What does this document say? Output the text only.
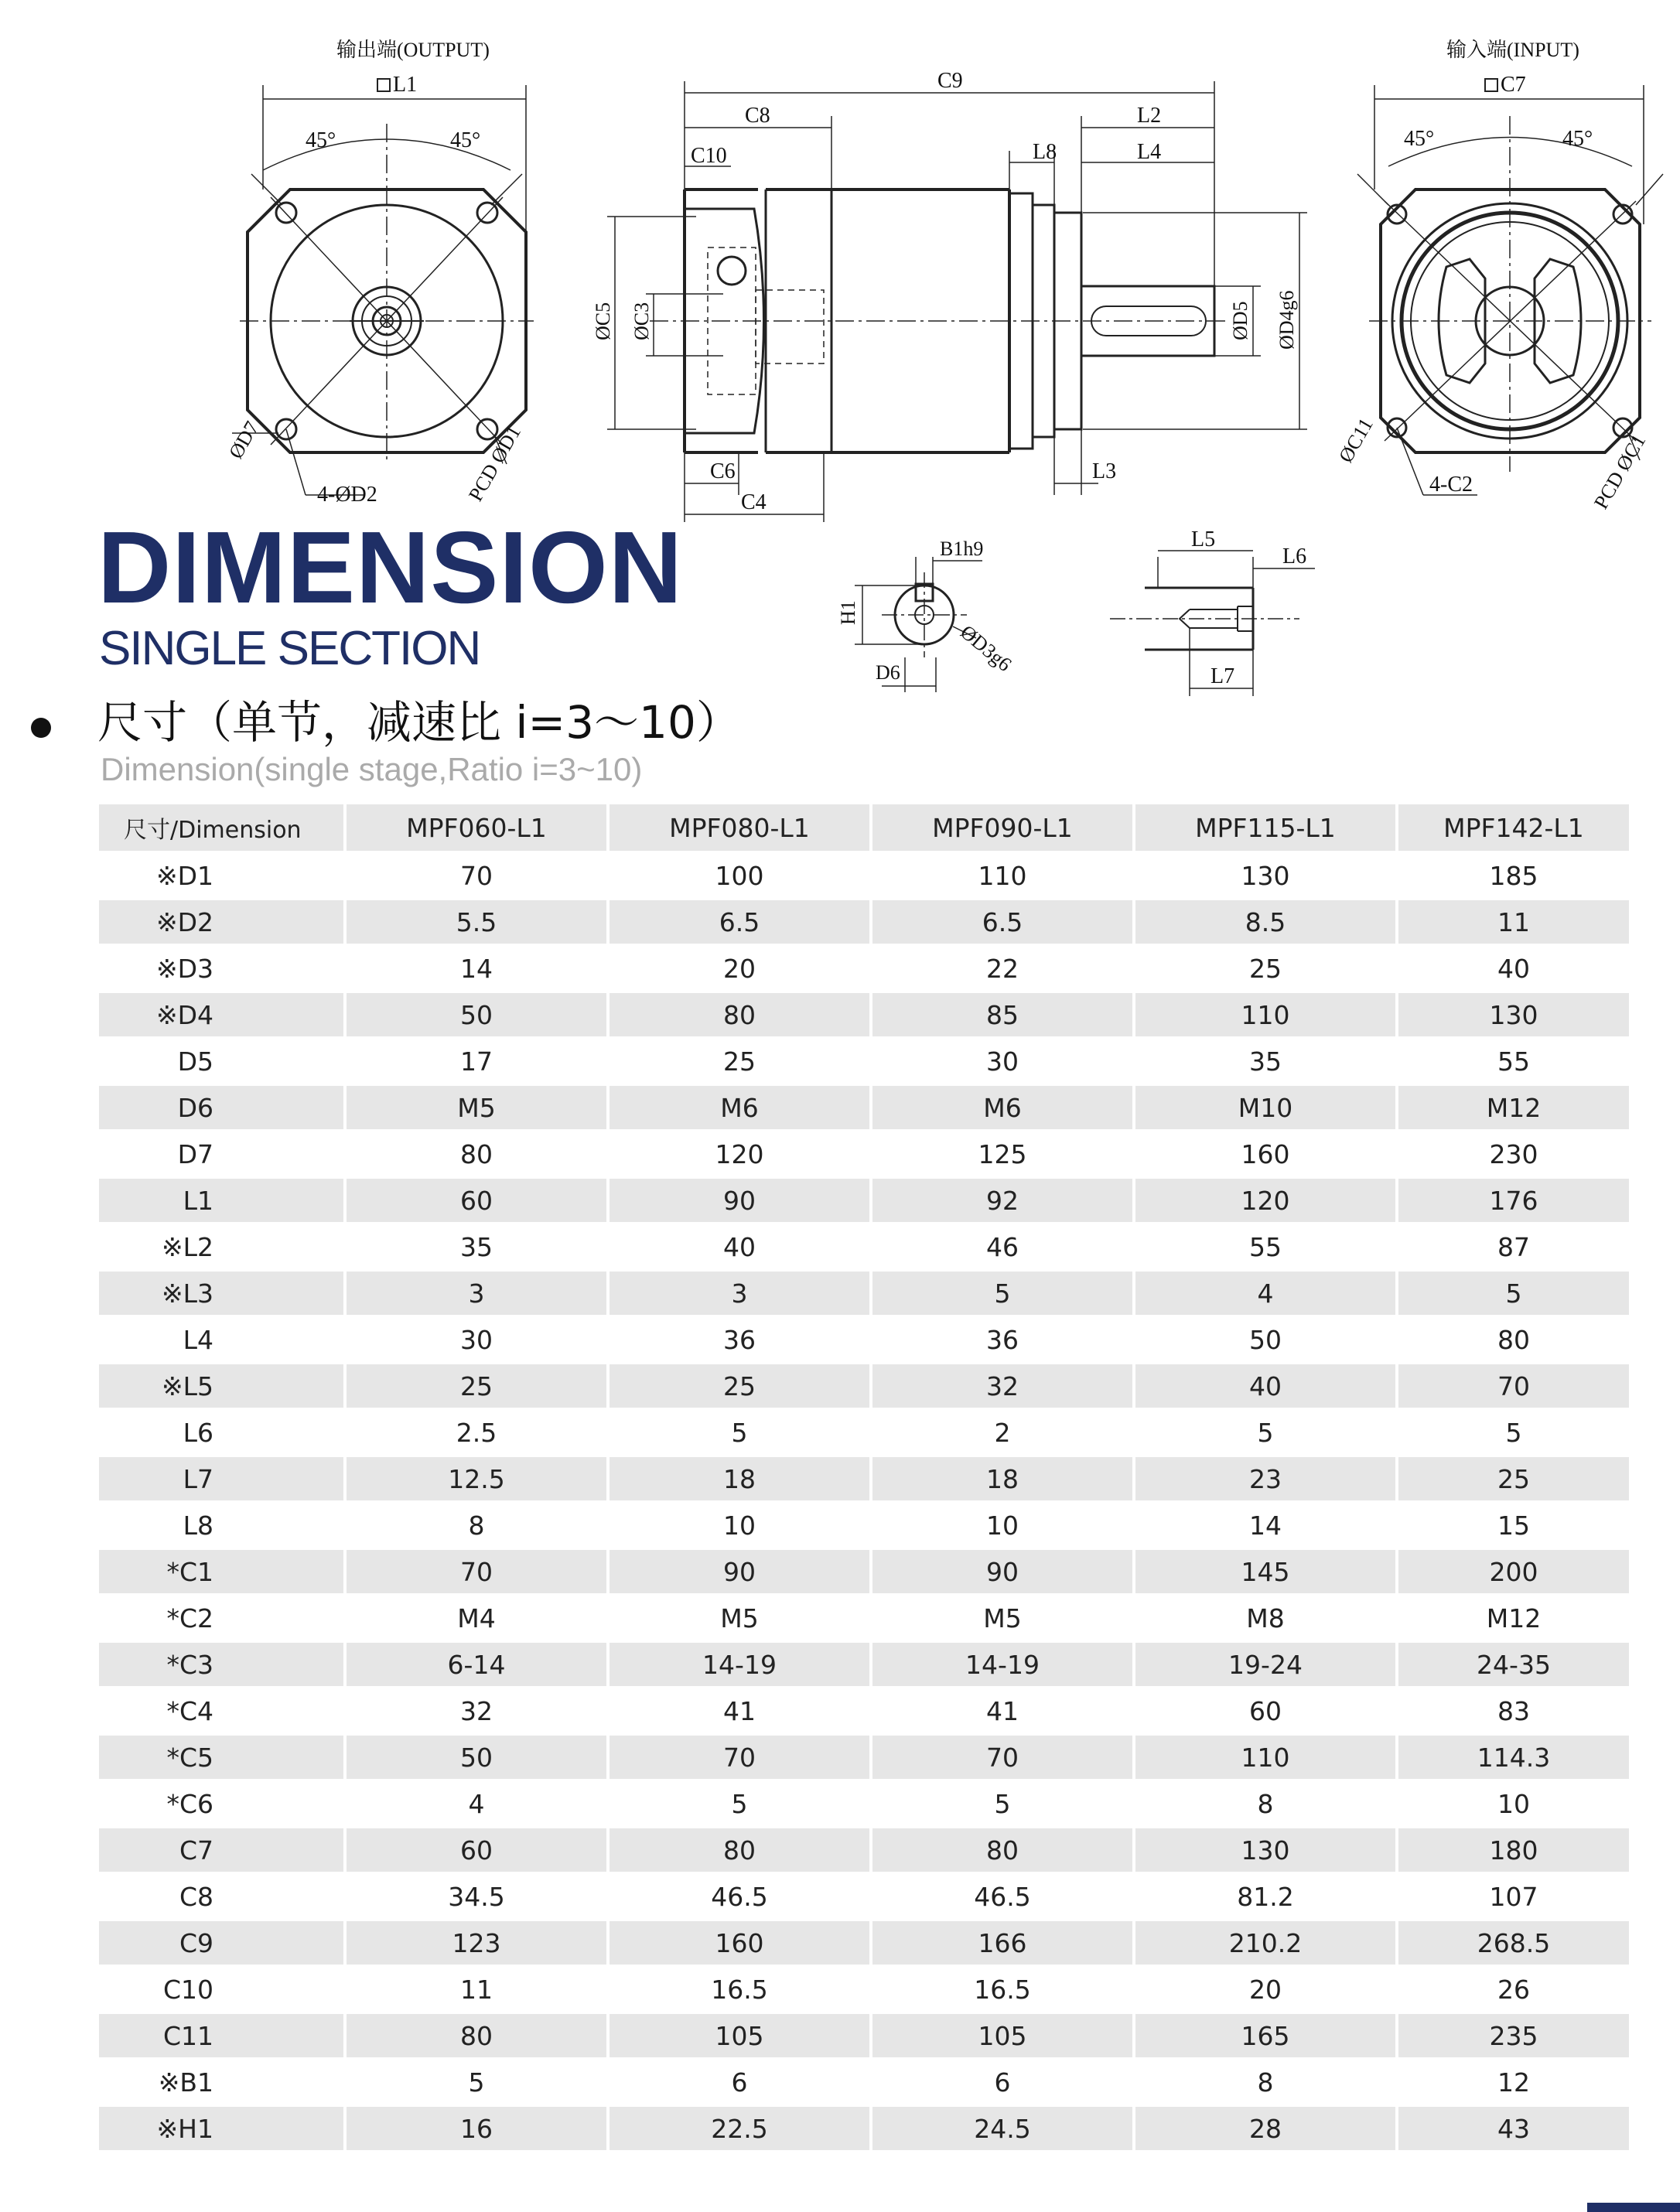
输出端(OUTPUT)	输入端(INPUT)
L1	C7
45°	45°	45°	45°
ØD7
4-ØD2	PCD ØD1	ØC11
4-C2	PCD ØC1
C9
C8
C10
L2
L8	L4
ØC5 ØC3	ØD5 ØD4g6
C6
C4
L3
B1h9
H1
ØD3g6
D6
L5
L6
L7
DIMENSION
SINGLE SECTION
尺寸（单节，减速比 i=3～10）
Dimension(single stage,Ratio i=3~10)
尺寸/Dimension	MPF060-L1	MPF080-L1	MPF090-L1	MPF115-L1	MPF142-L1
※D1	70	100	110	130	185
※D2	5.5	6.5	6.5	8.5	11
※D3	14	20	22	25	40
※D4	50	80	85	110	130
D5	17	25	30	35	55
D6	M5	M6	M6	M10	M12
D7	80	120	125	160	230
L1	60	90	92	120	176
※L2	35	40	46	55	87
※L3	3	3	5	4	5
L4	30	36	36	50	80
※L5	25	25	32	40	70
L6	2.5	5	2	5	5
L7	12.5	18	18	23	25
L8	8	10	10	14	15
*C1	70	90	90	145	200
*C2	M4	M5	M5	M8	M12
*C3	6-14	14-19	14-19	19-24	24-35
*C4	32	41	41	60	83
*C5	50	70	70	110	114.3
*C6	4	5	5	8	10
C7	60	80	80	130	180
C8	34.5	46.5	46.5	81.2	107
C9	123	160	166	210.2	268.5
C10	11	16.5	16.5	20	26
C11	80	105	105	165	235
※B1	5	6	6	8	12
※H1	16	22.5	24.5	28	43
